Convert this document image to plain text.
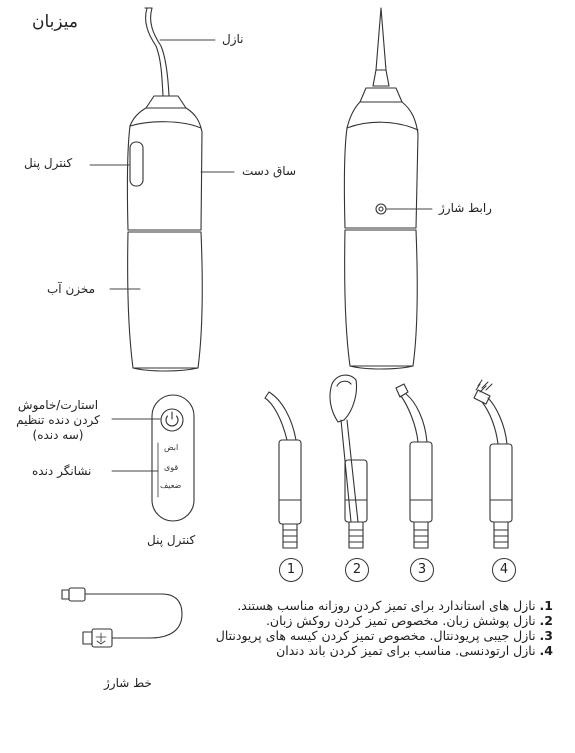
میزبان
نازل
کنترل پنل
ساق دست
مخزن آب
رابط شارژ
استارت/خاموش کردن دنده تنظیم (سه دنده)
نشانگر دنده
ابض
قوی
ضعیف
کنترل پنل
1	2	3	4
خط شارژ

1. نازل های استاندارد برای تمیز کردن روزانه مناسب هستند.

2. نازل پوشش زبان. مخصوص تمیز کردن روکش زبان.

3. نازل جیبی پریودنتال. مخصوص تمیز کردن کیسه های پریودنتال

4. نازل ارتودنسی. مناسب برای تمیز کردن باند دندان
